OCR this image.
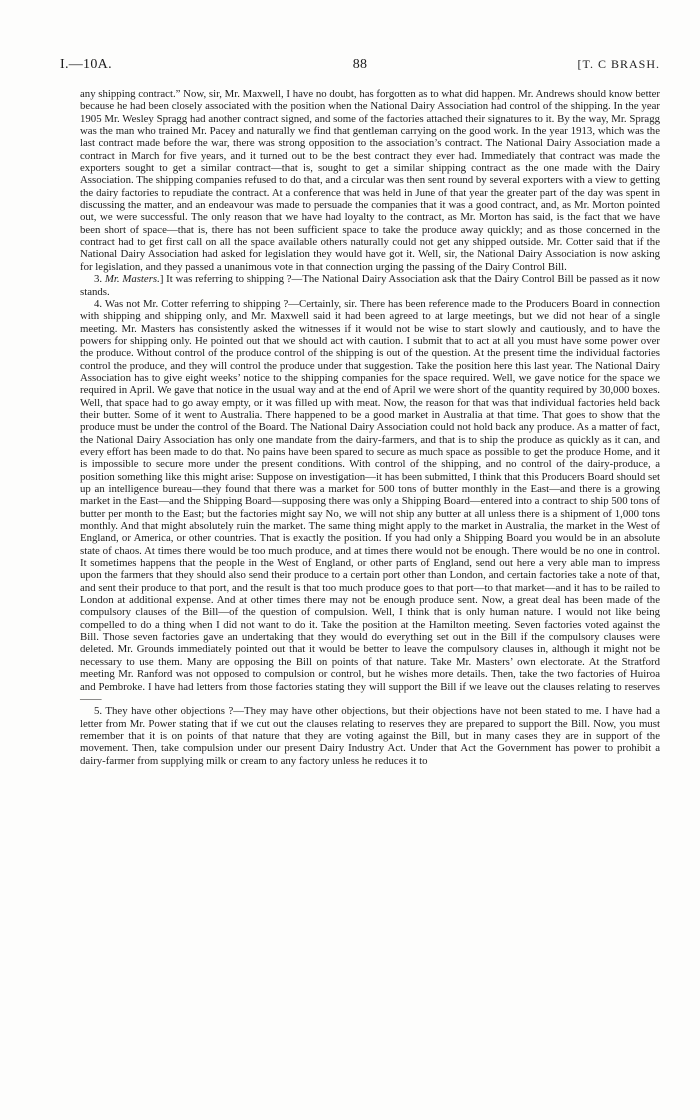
I.—10A.	88	[T. C BRASH.

any shipping contract.” Now, sir, Mr. Maxwell, I have no doubt, has forgotten as to what did happen. Mr. Andrews should know better because he had been closely associated with the position when the National Dairy Association had control of the shipping. In the year 1905 Mr. Wesley Spragg had another contract signed, and some of the factories attached their signatures to it. By the way, Mr. Spragg was the man who trained Mr. Pacey and naturally we find that gentleman carrying on the good work. In the year 1913, which was the last contract made before the war, there was strong opposition to the association’s contract. The National Dairy Association made a contract in March for five years, and it turned out to be the best contract they ever had. Immediately that contract was made the exporters sought to get a similar contract—that is, sought to get a similar shipping contract as the one made with the Dairy Association. The shipping companies refused to do that, and a circular was then sent round by several exporters with a view to getting the dairy factories to repudiate the contract. At a conference that was held in June of that year the greater part of the day was spent in discussing the matter, and an endeavour was made to persuade the companies that it was a good contract, and, as Mr. Morton pointed out, we were successful. The only reason that we have had loyalty to the contract, as Mr. Morton has said, is the fact that we have been short of space—that is, there has not been sufficient space to take the produce away quickly; and as those concerned in the contract had to get first call on all the space available others naturally could not get any shipped outside. Mr. Cotter said that if the National Dairy Association had asked for legislation they would have got it. Well, sir, the National Dairy Association is now asking for legislation, and they passed a unanimous vote in that connection urging the passing of the Dairy Control Bill.

3. Mr. Masters.] It was referring to shipping ?—The National Dairy Association ask that the Dairy Control Bill be passed as it now stands.

4. Was not Mr. Cotter referring to shipping ?—Certainly, sir. There has been reference made to the Producers Board in connection with shipping and shipping only, and Mr. Maxwell said it had been agreed to at large meetings, but we did not hear of a single meeting. Mr. Masters has consistently asked the witnesses if it would not be wise to start slowly and cautiously, and to have the powers for shipping only. He pointed out that we should act with caution. I submit that to act at all you must have some power over the produce. Without control of the produce control of the shipping is out of the question. At the present time the individual factories control the produce, and they will control the produce under that suggestion. Take the position here this last year. The National Dairy Association has to give eight weeks’ notice to the shipping companies for the space required. Well, we gave notice for the space we required in April. We gave that notice in the usual way and at the end of April we were short of the quantity required by 30,000 boxes. Well, that space had to go away empty, or it was filled up with meat. Now, the reason for that was that individual factories held back their butter. Some of it went to Australia. There happened to be a good market in Australia at that time. That goes to show that the produce must be under the control of the Board. The National Dairy Association could not hold back any produce. As a matter of fact, the National Dairy Association has only one mandate from the dairy-farmers, and that is to ship the produce as quickly as it can, and every effort has been made to do that. No pains have been spared to secure as much space as possible to get the produce Home, and it is impossible to secure more under the present conditions. With control of the shipping, and no control of the dairy-produce, a position something like this might arise: Suppose on investigation—it has been submitted, I think that this Producers Board should set up an intelligence bureau—they found that there was a market for 500 tons of butter monthly in the East—and there is a growing market in the East—and the Shipping Board—supposing there was only a Shipping Board—entered into a contract to ship 500 tons of butter per month to the East; but the factories might say No, we will not ship any butter at all unless there is a shipment of 1,000 tons monthly. And that might absolutely ruin the market. The same thing might apply to the market in Australia, the market in the West of England, or America, or other countries. That is exactly the position. If you had only a Shipping Board you would be in an absolute state of chaos. At times there would be too much produce, and at times there would not be enough. There would be no one in control. It sometimes happens that the people in the West of England, or other parts of England, send out here a very able man to impress upon the farmers that they should also send their produce to a certain port other than London, and certain factories take a note of that, and sent their produce to that port, and the result is that too much produce goes to that port—to that market—and it has to be railed to London at additional expense. And at other times there may not be enough produce sent. Now, a great deal has been made of the compulsory clauses of the Bill—of the question of compulsion. Well, I think that is only human nature. I would not like being compelled to do a thing when I did not want to do it. Take the position at the Hamilton meeting. Seven factories voted against the Bill. Those seven factories gave an undertaking that they would do everything set out in the Bill if the compulsory clauses were deleted. Mr. Grounds immediately pointed out that it would be better to leave the compulsory clauses in, although it might not be necessary to use them. Many are opposing the Bill on points of that nature. Take Mr. Masters’ own electorate. At the Stratford meeting Mr. Ranford was not opposed to compulsion or control, but he wishes more details. Then, take the two factories of Huiroa and Pembroke. I have had letters from those factories stating they will support the Bill if we leave out the clauses relating to reserves——

5. They have other objections ?—They may have other objections, but their objections have not been stated to me. I have had a letter from Mr. Power stating that if we cut out the clauses relating to reserves they are prepared to support the Bill. Now, you must remember that it is on points of that nature that they are voting against the Bill, but in many cases they are in support of the movement. Then, take compulsion under our present Dairy Industry Act. Under that Act the Government has power to prohibit a dairy-farmer from supplying milk or cream to any factory unless he reduces it to
